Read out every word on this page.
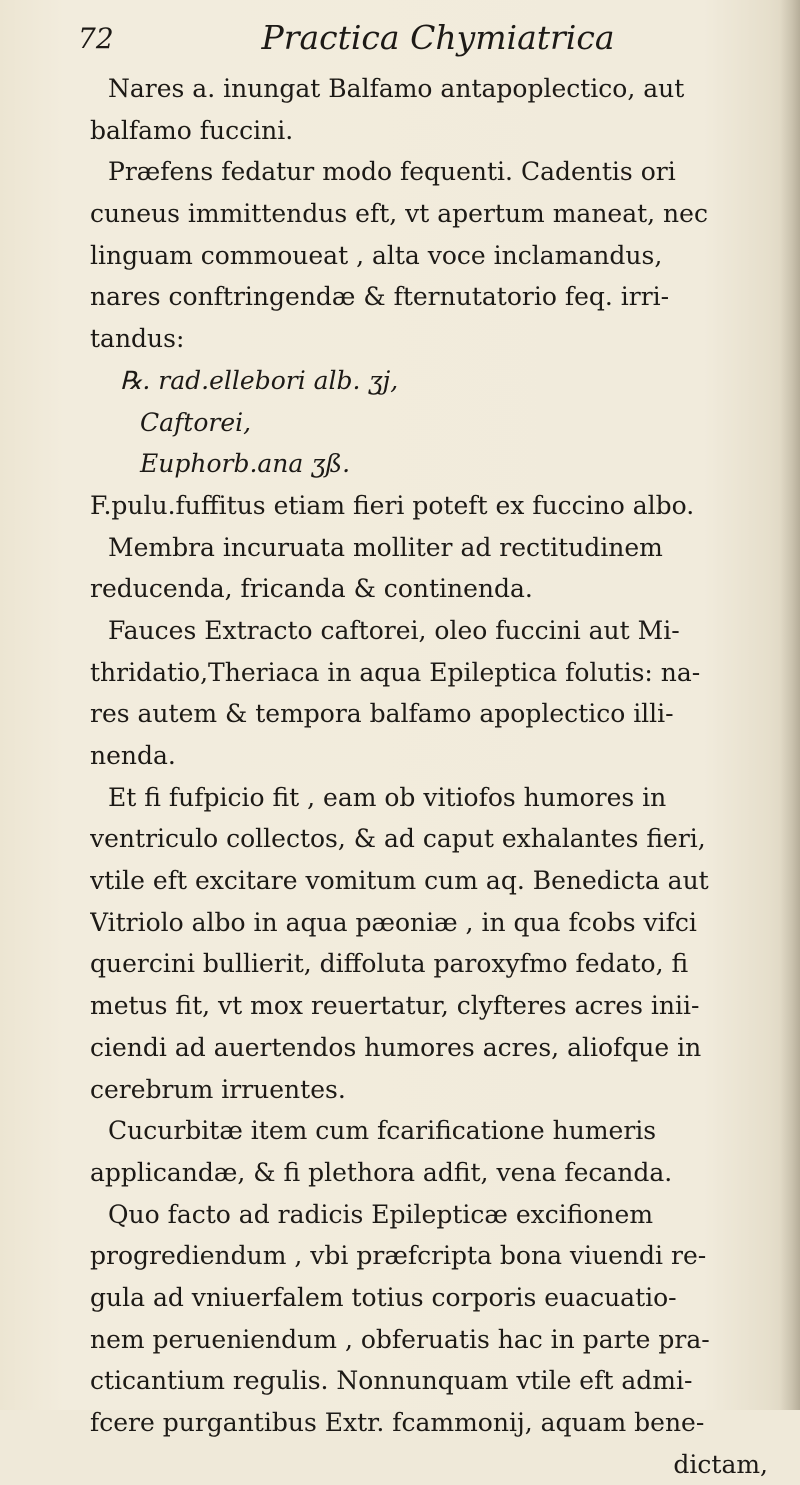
72	Practica Chymiatrica
Nares a. inungat Balfamo antapoplectico, aut
balfamo fuccini.
Præfens fedatur modo fequenti. Cadentis ori
cuneus immittendus eft, vt apertum maneat, nec
linguam commoueat , alta voce inclamandus,
nares conftringendæ & fternutatorio feq. irri-
tandus:
℞. rad.ellebori alb. ʒj,
Caftorei,
Euphorb.ana ʒß.
F.pulu.fuffitus etiam fieri poteft ex fuccino albo.
Membra incuruata molliter ad rectitudinem
reducenda, fricanda & continenda.
Fauces Extracto caftorei, oleo fuccini aut Mi-
thridatio,Theriaca in aqua Epileptica folutis: na-
res autem & tempora balfamo apoplectico illi-
nenda.
Et fi fufpicio fit , eam ob vitiofos humores in
ventriculo collectos, & ad caput exhalantes fieri,
vtile eft excitare vomitum cum aq. Benedicta aut
Vitriolo albo in aqua pæoniæ , in qua fcobs vifci
quercini bullierit, diffoluta paroxyfmo fedato, fi
metus fit, vt mox reuertatur, clyfteres acres inii-
ciendi ad auertendos humores acres, aliofque in
cerebrum irruentes.
Cucurbitæ item cum fcarificatione humeris
applicandæ, & fi plethora adfit, vena fecanda.
Quo facto ad radicis Epilepticæ excifionem
progrediendum , vbi præfcripta bona viuendi re-
gula ad vniuerfalem totius corporis euacuatio-
nem perueniendum , obferuatis hac in parte pra-
cticantium regulis. Nonnunquam vtile eft admi-
fcere purgantibus Extr. fcammonij, aquam bene-
dictam,
